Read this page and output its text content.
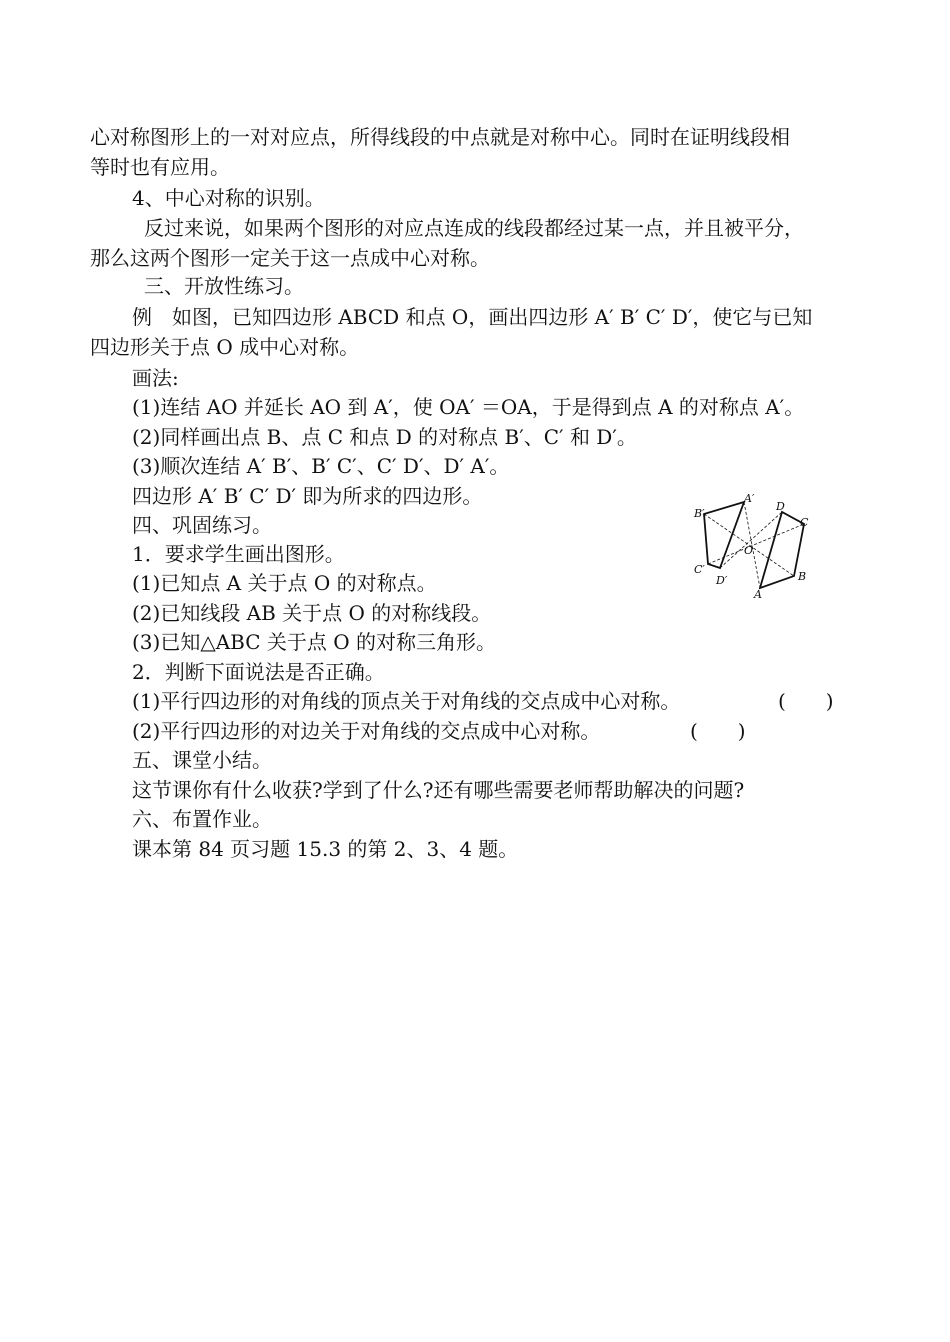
心对称图形上的一对对应点，所得线段的中点就是对称中心。同时在证明线段相
等时也有应用。
4、中心对称的识别。
反过来说，如果两个图形的对应点连成的线段都经过某一点，并且被平分，
那么这两个图形一定关于这一点成中心对称。
三、开放性练习。
例　如图，已知四边形 ABCD 和点 O，画出四边形 A′ B′ C′ D′，使它与已知
四边形关于点 O 成中心对称。
画法:
(1)连结 AO 并延长 AO 到 A′，使 OA′ ＝OA，于是得到点 A 的对称点 A′。
(2)同样画出点 B、点 C 和点 D 的对称点 B′、C′ 和 D′。
(3)顺次连结 A′ B′、B′ C′、C′ D′、D′ A′。
四边形 A′ B′ C′ D′ 即为所求的四边形。
四、巩固练习。
1．要求学生画出图形。
(1)已知点 A 关于点 O 的对称点。
(2)已知线段 AB 关于点 O 的对称线段。
(3)已知△ABC 关于点 O 的对称三角形。
2．判断下面说法是否正确。
(1)平行四边形的对角线的顶点关于对角线的交点成中心对称。	(　　)
(2)平行四边形的对边关于对角线的交点成中心对称。	(　　)
五、课堂小结。
这节课你有什么收获?学到了什么?还有哪些需要老师帮助解决的问题?
六、布置作业。
课本第 84 页习题 15.3 的第 2、3、4 题。
A′
B′
C′
D′
A
B
C
D
O
